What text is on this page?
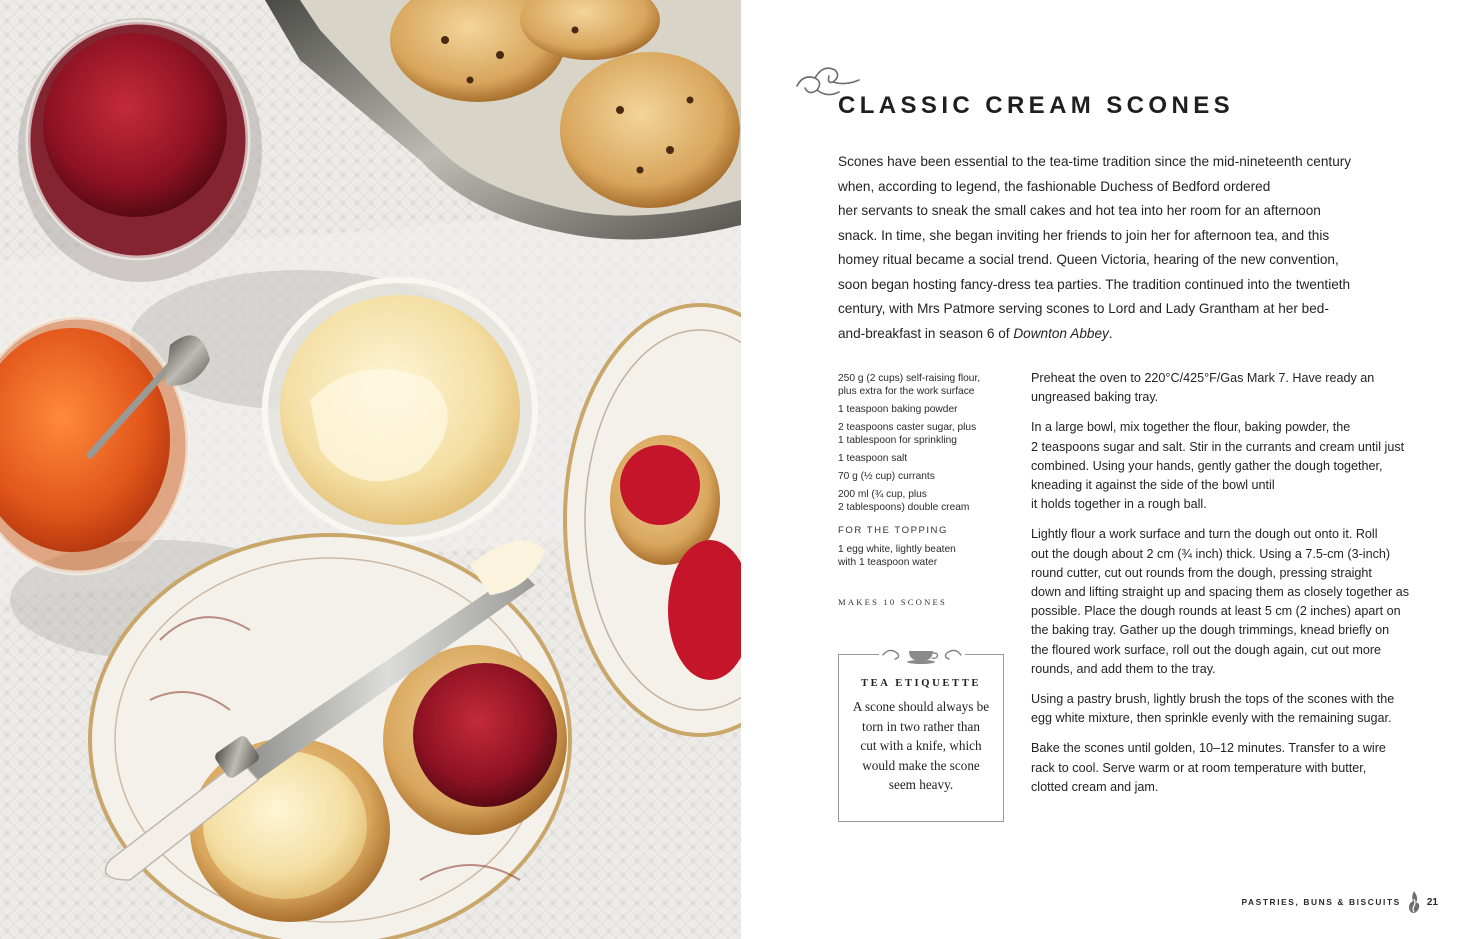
CLASSIC CREAM SCONES

Scones have been essential to the tea-time tradition since the mid-nineteenth century
when, according to legend, the fashionable Duchess of Bedford ordered
her servants to sneak the small cakes and hot tea into her room for an afternoon
snack. In time, she began inviting her friends to join her for afternoon tea, and this
homey ritual became a social trend. Queen Victoria, hearing of the new convention,
soon began hosting fancy-dress tea parties. The tradition continued into the twentieth
century, with Mrs Patmore serving scones to Lord and Lady Grantham at her bed-
and-breakfast in season 6 of Downton Abbey.

250 g (2 cups) self-raising flour,
plus extra for the work surface
1 teaspoon baking powder
2 teaspoons caster sugar, plus
1 tablespoon for sprinkling
1 teaspoon salt
70 g (½ cup) currants
200 ml (¾ cup, plus
2 tablespoons) double cream
FOR THE TOPPING
1 egg white, lightly beaten
with 1 teaspoon water
MAKES 10 SCONES
TEA ETIQUETTE
A scone should always be
torn in two rather than
cut with a knife, which
would make the scone
seem heavy.

Preheat the oven to 220°C/425°F/Gas Mark 7. Have ready an
ungreased baking tray.

In a large bowl, mix together the flour, baking powder, the
2 teaspoons sugar and salt. Stir in the currants and cream until just
combined. Using your hands, gently gather the dough together,
kneading it against the side of the bowl until
it holds together in a rough ball.

Lightly flour a work surface and turn the dough out onto it. Roll
out the dough about 2 cm (¾ inch) thick. Using a 7.5-cm (3-inch)
round cutter, cut out rounds from the dough, pressing straight
down and lifting straight up and spacing them as closely together as
possible. Place the dough rounds at least 5 cm (2 inches) apart on
the baking tray. Gather up the dough trimmings, knead briefly on
the floured work surface, roll out the dough again, cut out more
rounds, and add them to the tray.

Using a pastry brush, lightly brush the tops of the scones with the
egg white mixture, then sprinkle evenly with the remaining sugar.

Bake the scones until golden, 10–12 minutes. Transfer to a wire
rack to cool. Serve warm or at room temperature with butter,
clotted cream and jam.

PASTRIES, BUNS & BISCUITS	21
